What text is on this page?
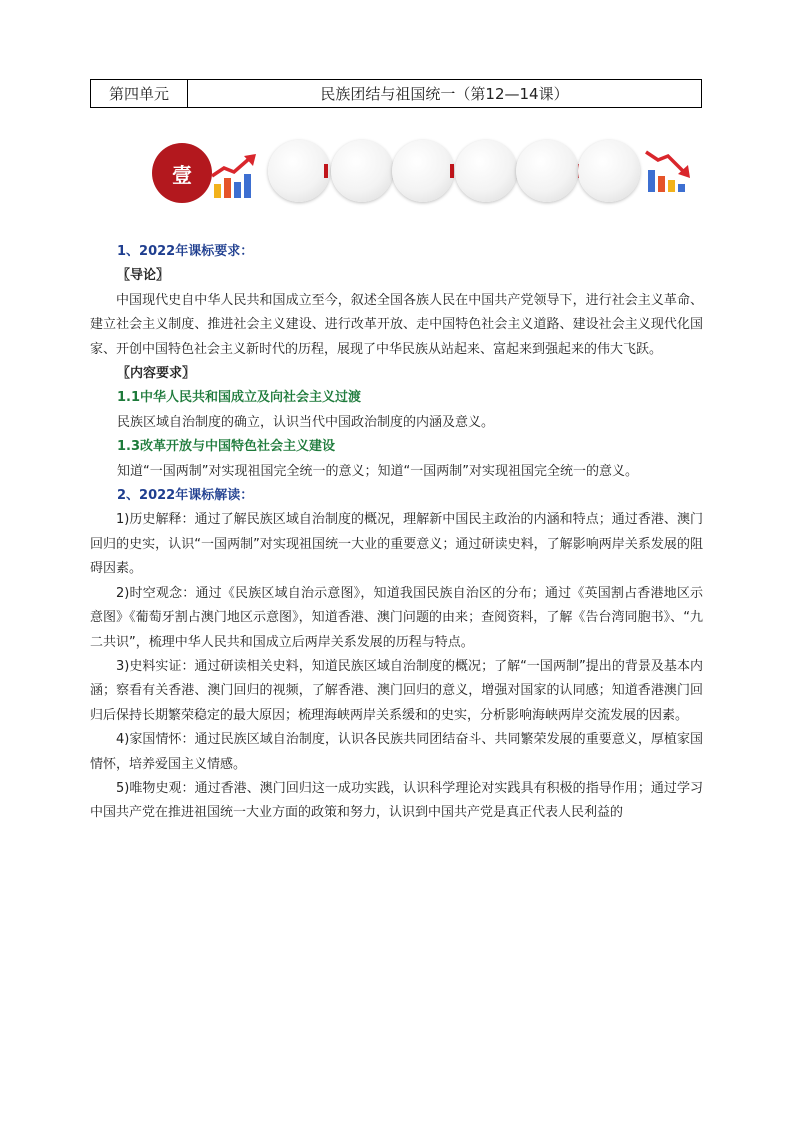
第四单元	民族团结与祖国统一（第12—14课）
壹
1、2022年课标要求：
〖导论〗
中国现代史自中华人民共和国成立至今，叙述全国各族人民在中国共产党领导下，进行社会主义革命、建立社会主义制度、推进社会主义建设、进行改革开放、走中国特色社会主义道路、建设社会主义现代化国家、开创中国特色社会主义新时代的历程，展现了中华民族从站起来、富起来到强起来的伟大飞跃。
〖内容要求〗
1.1中华人民共和国成立及向社会主义过渡
民族区域自治制度的确立，认识当代中国政治制度的内涵及意义。
1.3改革开放与中国特色社会主义建设
知道“一国两制”对实现祖国完全统一的意义；知道“一国两制”对实现祖国完全统一的意义。
2、2022年课标解读：
1)历史解释：通过了解民族区域自治制度的概况，理解新中国民主政治的内涵和特点；通过香港、澳门回归的史实，认识“一国两制”对实现祖国统一大业的重要意义；通过研读史料，了解影响两岸关系发展的阻碍因素。
2)时空观念：通过《民族区域自治示意图》，知道我国民族自治区的分布；通过《英国割占香港地区示意图》《葡萄牙割占澳门地区示意图》，知道香港、澳门问题的由来；查阅资料，了解《告台湾同胞书》、“九二共识”，梳理中华人民共和国成立后两岸关系发展的历程与特点。
3)史料实证：通过研读相关史料，知道民族区域自治制度的概况；了解“一国两制”提出的背景及基本内涵；察看有关香港、澳门回归的视频，了解香港、澳门回归的意义，增强对国家的认同感；知道香港澳门回归后保持长期繁荣稳定的最大原因；梳理海峡两岸关系缓和的史实，分析影响海峡两岸交流发展的因素。
4)家国情怀：通过民族区域自治制度，认识各民族共同团结奋斗、共同繁荣发展的重要意义，厚植家国情怀，培养爱国主义情感。
5)唯物史观：通过香港、澳门回归这一成功实践，认识科学理论对实践具有积极的指导作用；通过学习中国共产党在推进祖国统一大业方面的政策和努力，认识到中国共产党是真正代表人民利益的
